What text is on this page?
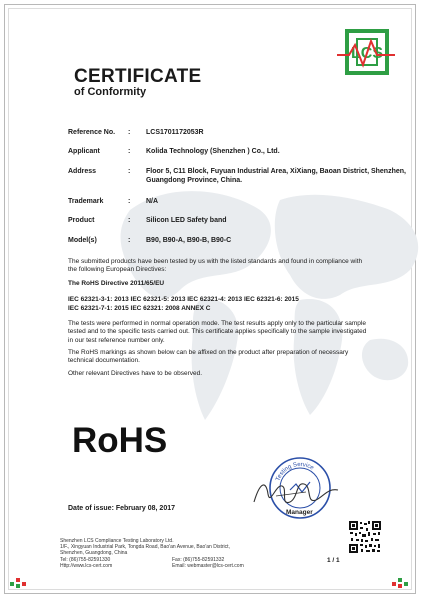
LCS
CERTIFICATE
of Conformity
Reference No.	: LCS1701172053R
Applicant	: Kolida Technology (Shenzhen ) Co., Ltd.
Address	: Floor 5, C11 Block, Fuyuan Industrial Area, XiXiang, Baoan District, Shenzhen, Guangdong Province, China.
Trademark	: N/A
Product	: Silicon LED Safety band
Model(s)	: B90, B90-A, B90-B, B90-C

The submitted products have been tested by us with the listed standards and found in compliance with the following European Directives:

The RoHS Directive 2011/65/EU

IEC 62321-3-1: 2013 IEC 62321-5: 2013 IEC 62321-4: 2013 IEC 62321-6: 2015

IEC 62321-7-1: 2015 IEC 62321: 2008 ANNEX C

The tests were performed in normal operation mode. The test results apply only to the particular sample tested and to the specific tests carried out. This certificate applies specifically to the sample investigated in our test reference number only.

The RoHS markings as shown below can be affixed on the product after preparation of necessary technical documentation.

Other relevant Directives have to be observed.

RoHS

Testing Service
Manager

Date of issue: February 08, 2017

Shenzhen LCS Compliance Testing Laboratory Ltd.
1/F., Xingyuan Industrial Park, Tongda Road, Bao'an Avenue, Bao'an District,
Shenzhen, Guangdong, China
Tel: (86)755-82591330	Fax: (86)755-82591332
Http://www.lcs-cert.com	Email: webmaster@lcs-cert.com

1 / 1
